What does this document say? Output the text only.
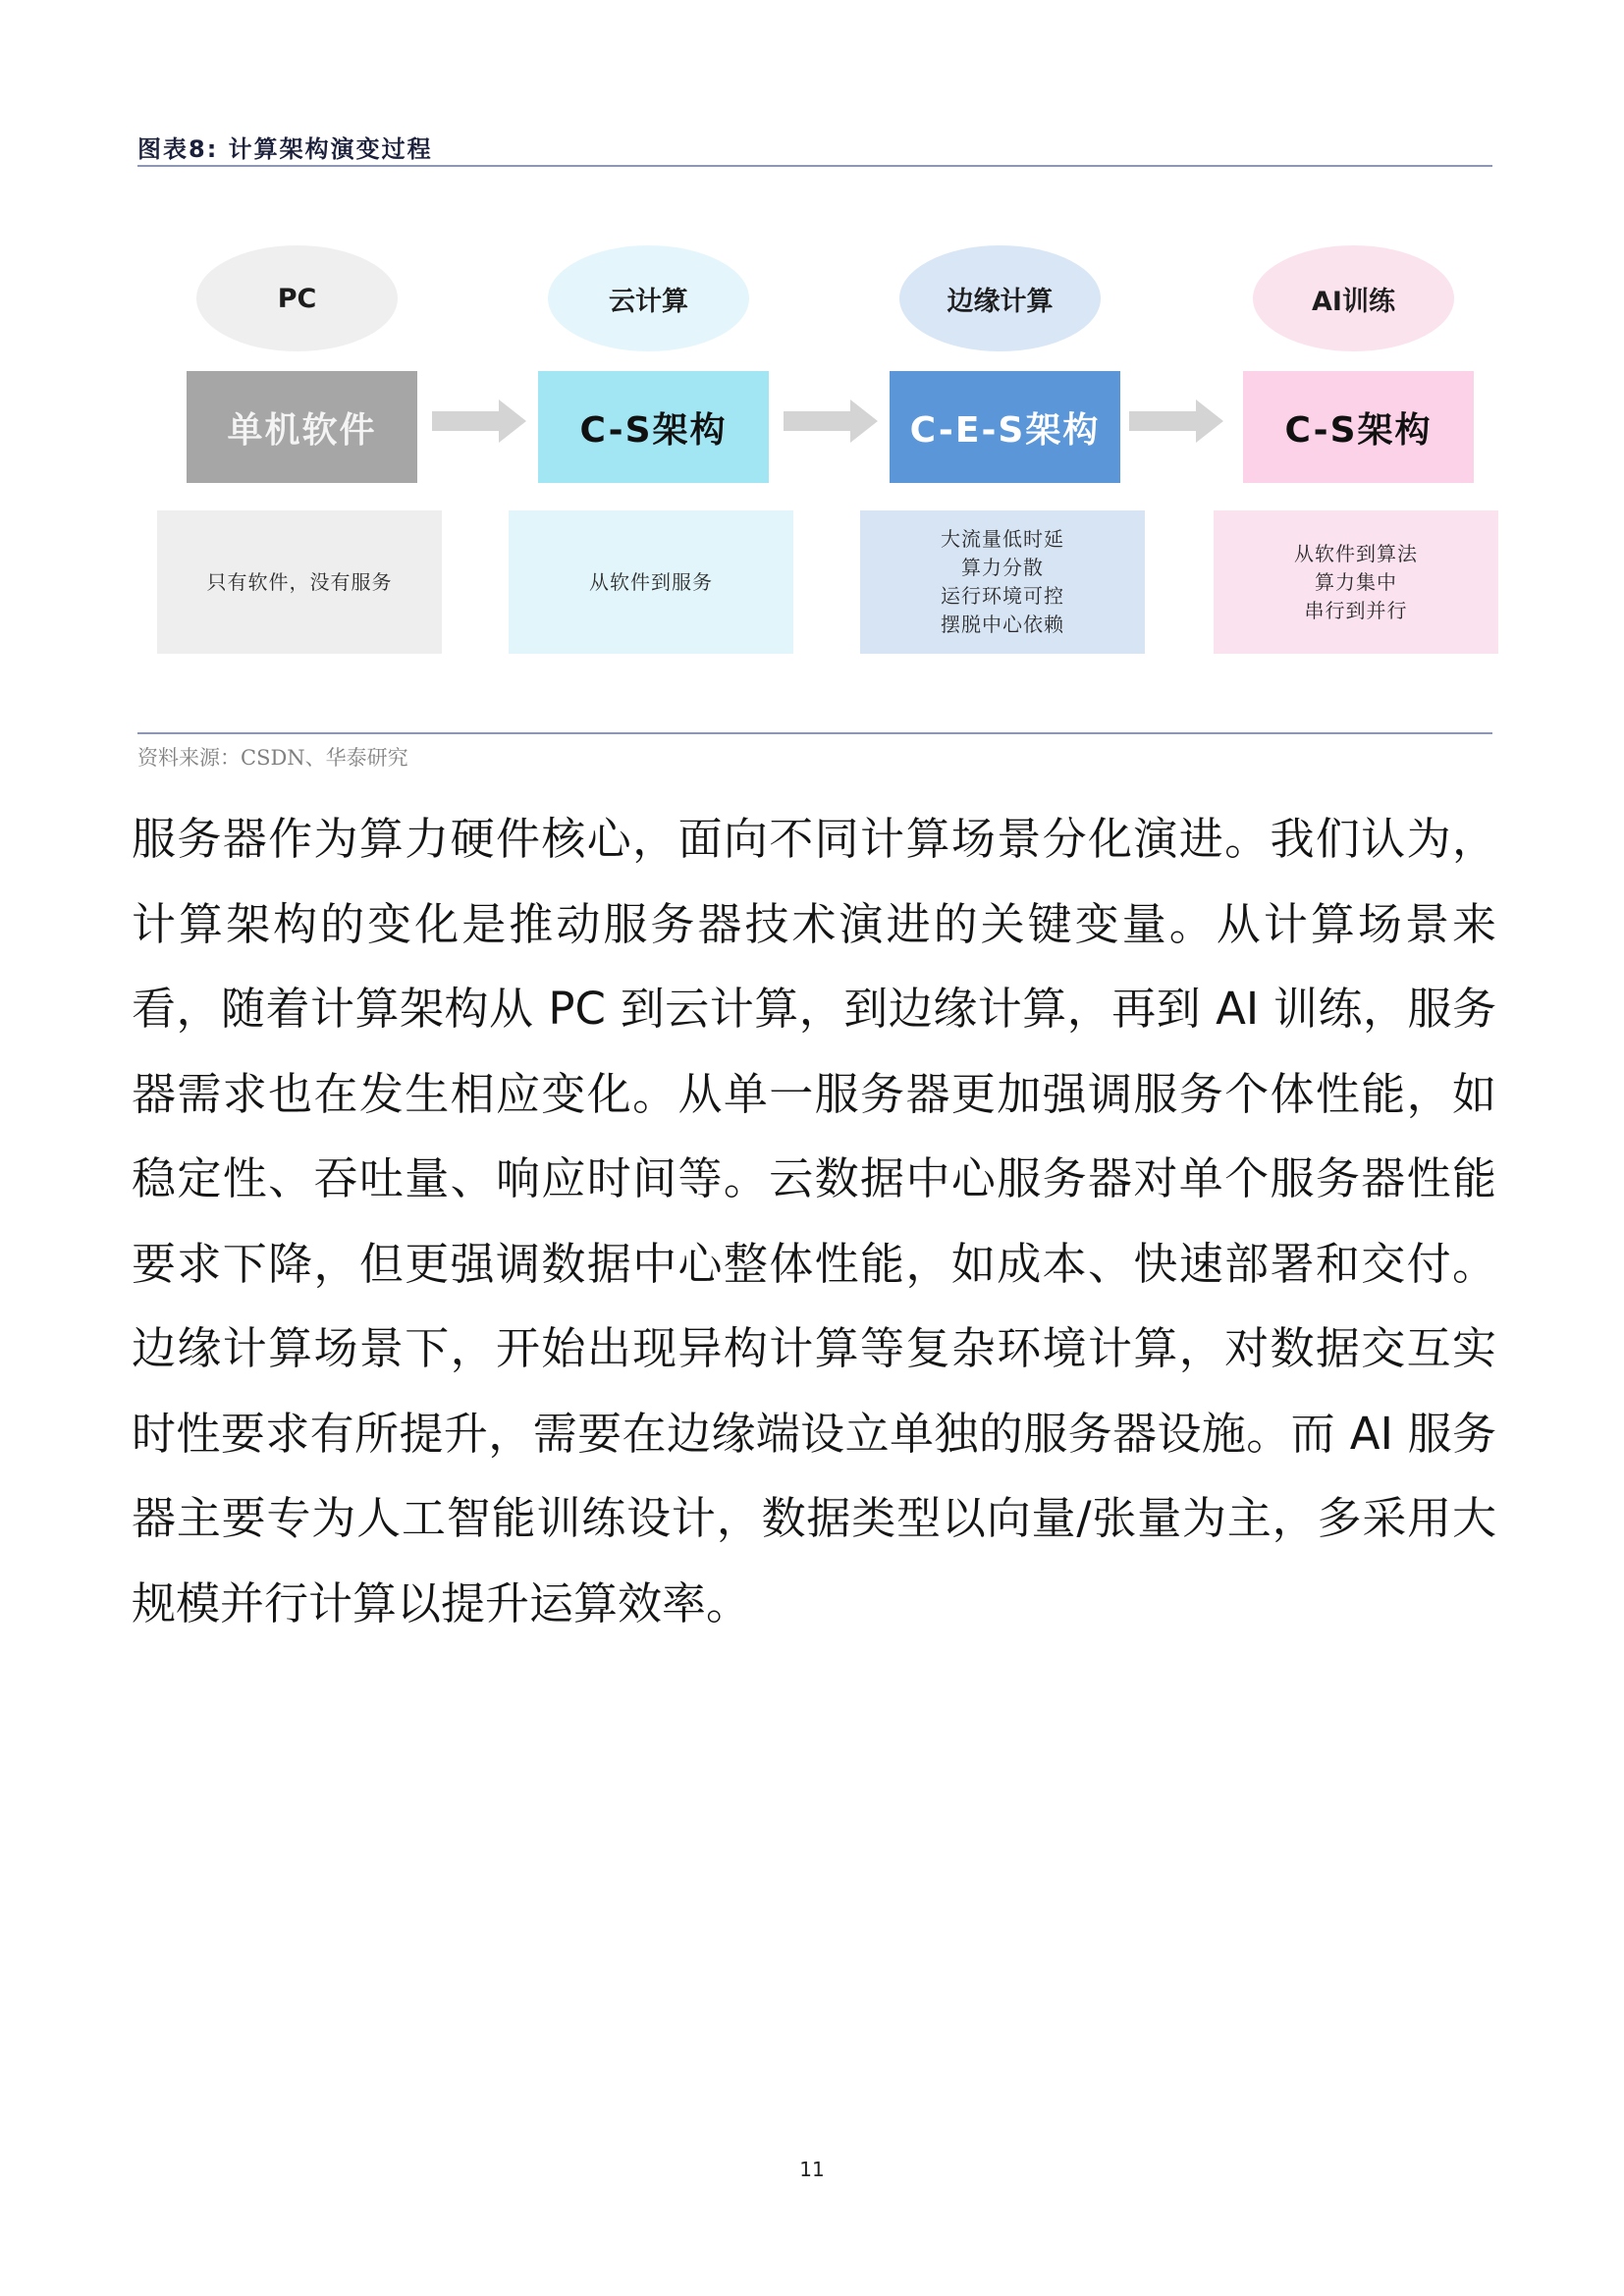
图表8: 计算架构演变过程
PC
单机软件
只有软件，没有服务
云计算
C-S架构
从软件到服务
边缘计算
C-E-S架构
大流量低时延
算力分散
运行环境可控
摆脱中心依赖
AI训练
C-S架构
从软件到算法
算力集中
串行到并行
资料来源：CSDN、华泰研究
服务器作为算力硬件核心，面向不同计算场景分化演进。我们认为，计算架构的变化是推动服务器技术演进的关键变量。从计算场景来看，随着计算架构从 PC 到云计算，到边缘计算，再到 AI 训练，服务器需求也在发生相应变化。从单一服务器更加强调服务个体性能，如稳定性、吞吐量、响应时间等。云数据中心服务器对单个服务器性能要求下降，但更强调数据中心整体性能，如成本、快速部署和交付。边缘计算场景下，开始出现异构计算等复杂环境计算，对数据交互实时性要求有所提升，需要在边缘端设立单独的服务器设施。而 AI 服务器主要专为人工智能训练设计，数据类型以向量/张量为主，多采用大规模并行计算以提升运算效率。
11
